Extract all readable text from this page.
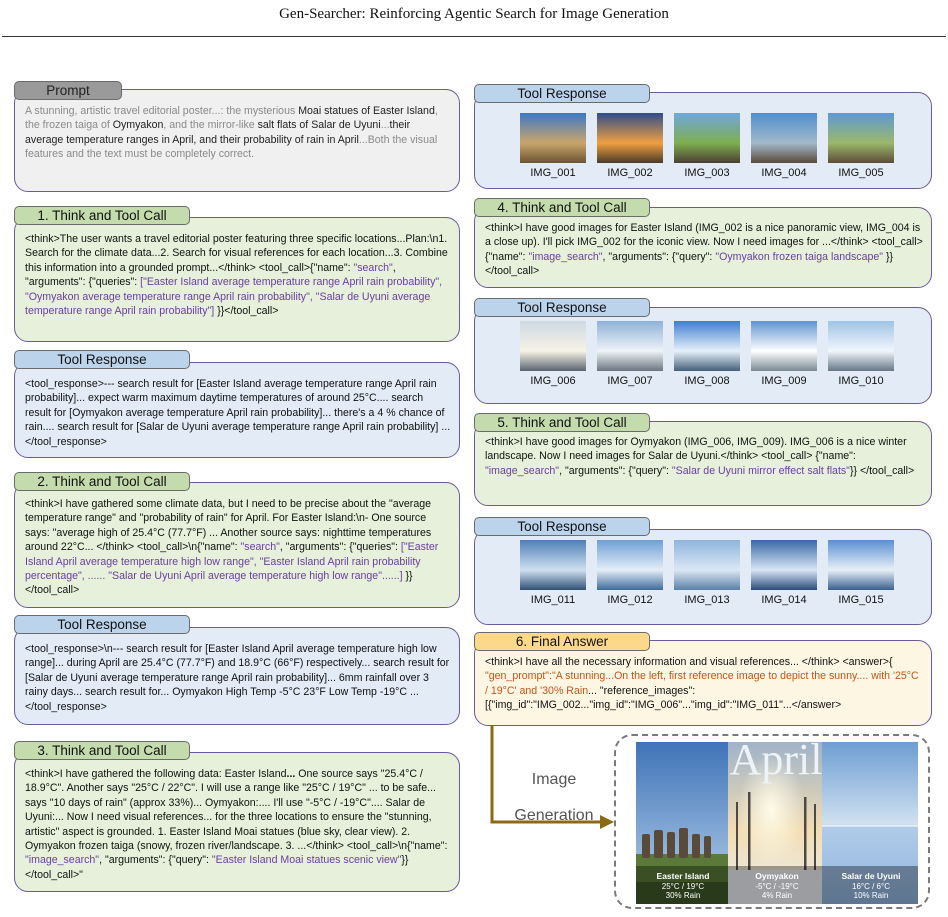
Gen-Searcher: Reinforcing Agentic Search for Image Generation
A stunning, artistic travel editorial poster...: the mysterious Moai statues of Easter Island, the frozen taiga of Oymyakon, and the mirror-like salt flats of Salar de Uyuni...their average temperature ranges in April, and their probability of rain in April...Both the visual features and the text must be completely correct.
Prompt
<think>The user wants a travel editorial poster featuring three specific locations...Plan:\n1. Search for the climate data...2. Search for visual references for each location...3. Combine this information into a grounded prompt...</think> <tool_call>{"name": "search", "arguments": {"queries": ["Easter Island average temperature range April rain probability", "Oymyakon average temperature range April rain probability", "Salar de Uyuni average temperature range April rain probability"] }}</tool_call>
1. Think and Tool Call
<tool_response>--- search result for [Easter Island average temperature range April rain probability]... expect warm maximum daytime temperatures of around 25°C.... search result for [Oymyakon average temperature April rain probability]... there's a 4 % chance of rain.... search result for [Salar de Uyuni average temperature range April rain probability] ... </tool_response>
Tool Response
<think>I have gathered some climate data, but I need to be precise about the "average temperature range" and "probability of rain" for April. For Easter Island:\n- One source says: "average high of 25.4°C (77.7°F) ... Another source says: nighttime temperatures around 22°C... </think> <tool_call>\n{"name": "search", "arguments": {"queries": ["Easter Island April average temperature high low range", "Easter Island April rain probability percentage", ...... "Salar de Uyuni April average temperature high low range"......] }}</tool_call>
2. Think and Tool Call
<tool_response>\n--- search result for [Easter Island April average temperature high low range]... during April are 25.4°C (77.7°F) and 18.9°C (66°F) respectively... search result for [Salar de Uyuni average temperature range April rain probability]... 6mm rainfall over 3 rainy days... search result for... Oymyakon High Temp -5°C 23°F Low Temp -19°C ... </tool_response>
Tool Response
<think>I have gathered the following data: Easter Island... One source says "25.4°C / 18.9°C". Another says "25°C / 22°C". I will use a range like "25°C / 19°C" ... to be safe... says "10 days of rain" (approx 33%)... Oymyakon:.... I'll use "-5°C / -19°C".... Salar de Uyuni:... Now I need visual references... for the three locations to ensure the "stunning, artistic" aspect is grounded. 1. Easter Island Moai statues (blue sky, clear view). 2. Oymyakon frozen taiga (snowy, frozen river/landscape. 3. ...</think> <tool_call>\n{"name": "image_search", "arguments": {"query": "Easter Island Moai statues scenic view"}}</tool_call>"
3. Think and Tool Call
Tool Response
IMG_001	IMG_002	IMG_003	IMG_004	IMG_005
<think>I have good images for Easter Island (IMG_002 is a nice panoramic view, IMG_004 is a close up). I'll pick IMG_002 for the iconic view. Now I need images for ...</think> <tool_call> {"name": "image_search", "arguments": {"query": "Oymyakon frozen taiga landscape" }} </tool_call>
4. Think and Tool Call
Tool Response
IMG_006	IMG_007	IMG_008	IMG_009	IMG_010
<think>I have good images for Oymyakon (IMG_006, IMG_009). IMG_006 is a nice winter landscape. Now I need images for Salar de Uyuni.</think> <tool_call> {"name": "image_search", "arguments": {"query": "Salar de Uyuni mirror effect salt flats"}} </tool_call>
5. Think and Tool Call
Tool Response
IMG_011	IMG_012	IMG_013	IMG_014	IMG_015
<think>I have all the necessary information and visual references... </think> <answer>{ "gen_prompt":"A stunning...On the left, first reference image to depict the sunny.... with '25°C / 19°C' and '30% Rain... "reference_images": [{"img_id":"IMG_002..."img_id":"IMG_006"..."img_id":"IMG_011"...</answer>
6. Final Answer
Image
Generation
April
Easter Island
25°C / 19°C
30% Rain
Oymyakon
-5°C / -19°C
4% Rain
Salar de Uyuni
16°C / 6°C
10% Rain
